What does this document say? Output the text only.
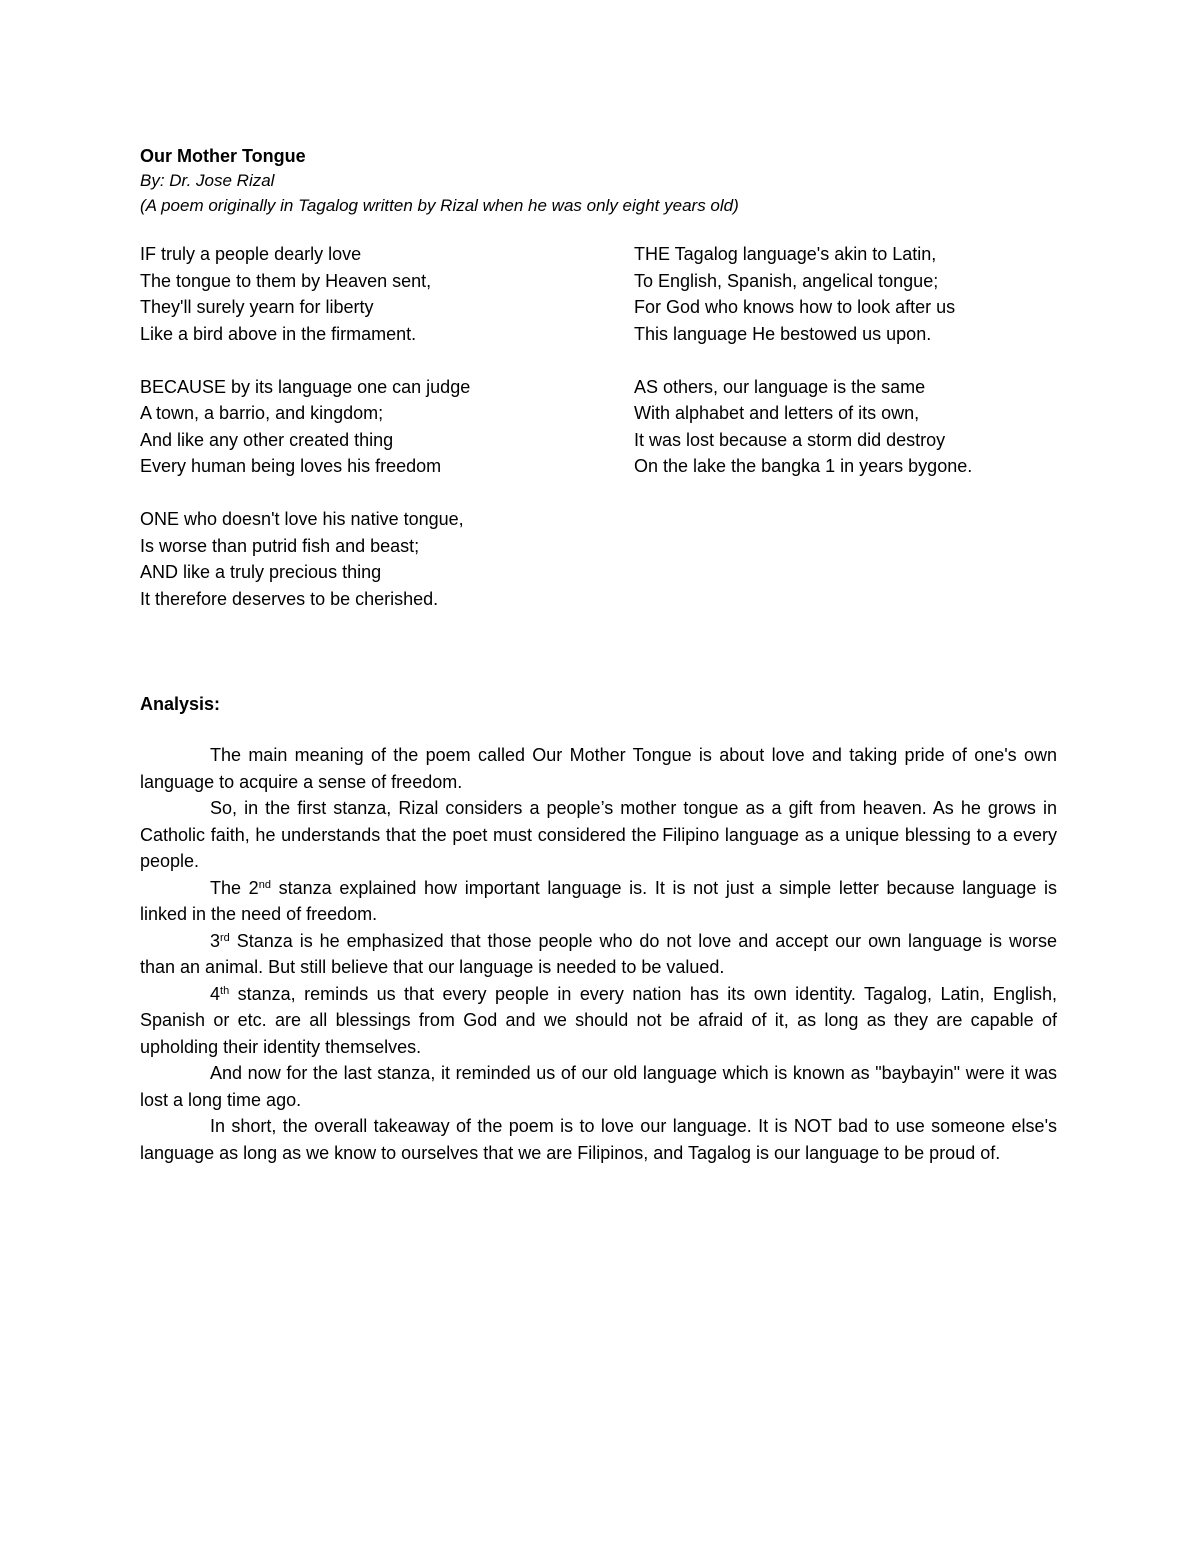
Our Mother Tongue

By: Dr. Jose Rizal

(A poem originally in Tagalog written by Rizal when he was only eight years old)

IF truly a people dearly love
The tongue to them by Heaven sent,
They'll surely yearn for liberty
Like a bird above in the firmament.
BECAUSE by its language one can judge
A town, a barrio, and kingdom;
And like any other created thing
Every human being loves his freedom
ONE who doesn't love his native tongue,
Is worse than putrid fish and beast;
AND like a truly precious thing
It therefore deserves to be cherished.
THE Tagalog language's akin to Latin,
To English, Spanish, angelical tongue;
For God who knows how to look after us
This language He bestowed us upon.
AS others, our language is the same
With alphabet and letters of its own,
It was lost because a storm did destroy
On the lake the bangka 1 in years bygone.

Analysis:

The main meaning of the poem called Our Mother Tongue is about love and taking pride of one's own language to acquire a sense of freedom.

So, in the first stanza, Rizal considers a people’s mother tongue as a gift from heaven. As he grows in Catholic faith, he understands that the poet must considered the Filipino language as a unique blessing to a every people.

The 2nd stanza explained how important language is. It is not just a simple letter because language is linked in the need of freedom.

3rd Stanza is he emphasized that those people who do not love and accept our own language is worse than an animal. But still believe that our language is needed to be valued.

4th stanza, reminds us that every people in every nation has its own identity. Tagalog, Latin, English, Spanish or etc. are all blessings from God and we should not be afraid of it, as long as they are capable of upholding their identity themselves.

And now for the last stanza, it reminded us of our old language which is known as "baybayin" were it was lost a long time ago.

In short, the overall takeaway of the poem is to love our language. It is NOT bad to use someone else's language as long as we know to ourselves that we are Filipinos, and Tagalog is our language to be proud of.
